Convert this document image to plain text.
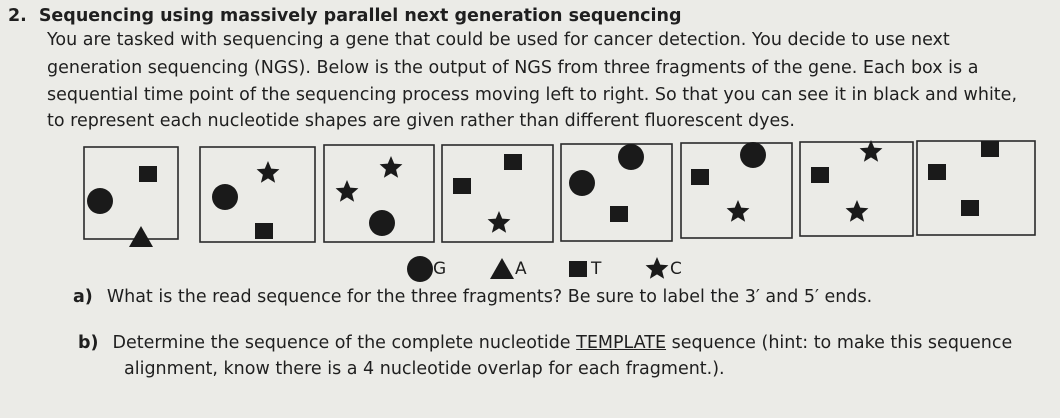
2. Sequencing using massively parallel next generation sequencing
You are tasked with sequencing a gene that could be used for cancer detection. You decide to use next
generation sequencing (NGS). Below is the output of NGS from three fragments of the gene. Each box is a
sequential time point of the sequencing process moving left to right. So that you can see it in black and white,
to represent each nucleotide shapes are given rather than different fluorescent dyes.
G	A	T	C
a) What is the read sequence for the three fragments? Be sure to label the 3′ and 5′ ends.
b) Determine the sequence of the complete nucleotide TEMPLATE sequence (hint: to make this sequence
alignment, know there is a 4 nucleotide overlap for each fragment.).
